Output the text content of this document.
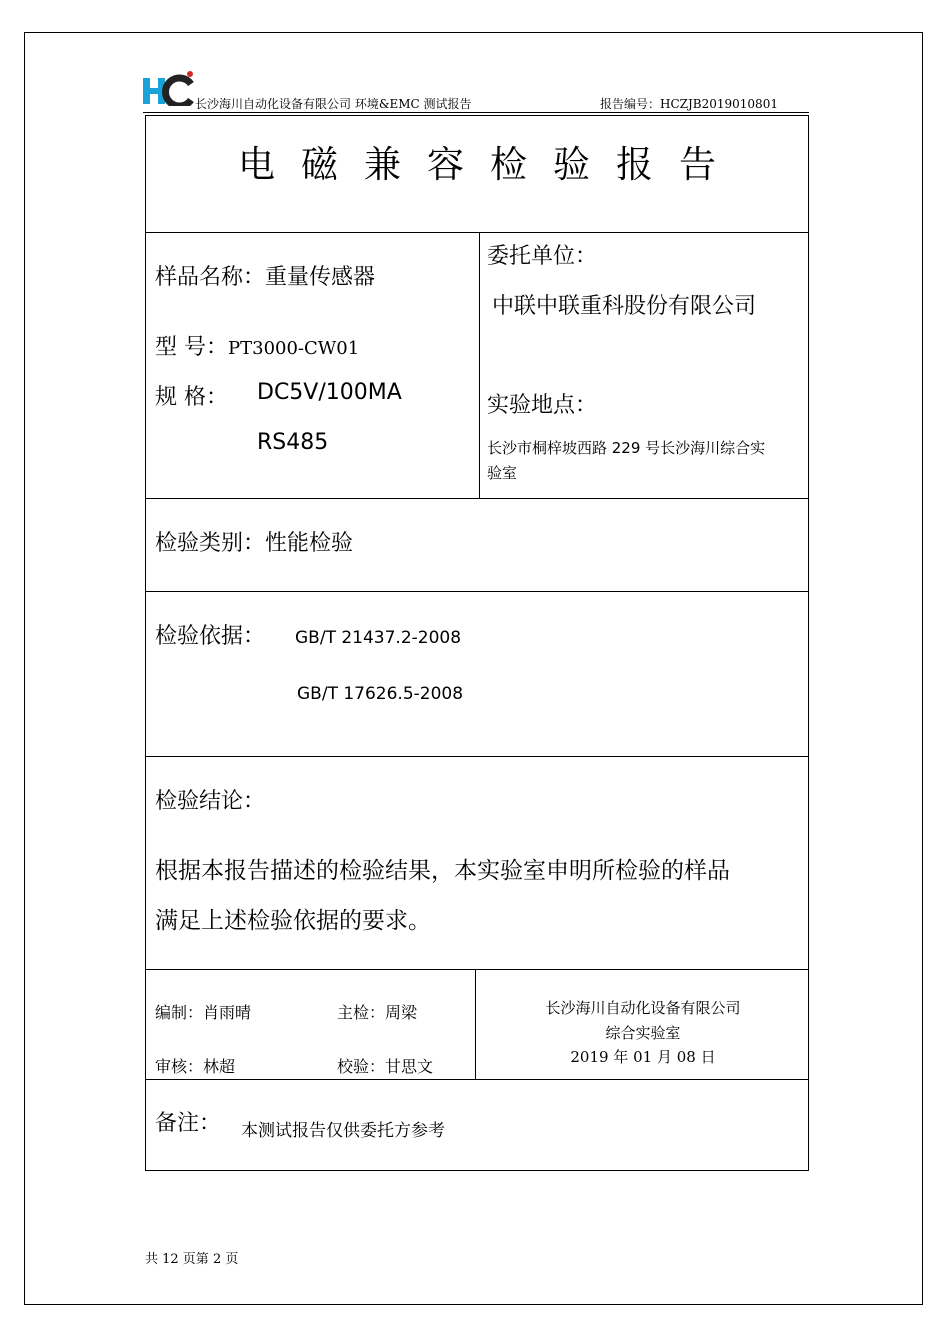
长沙海川自动化设备有限公司 环境&EMC 测试报告	报告编号：HCZJB2019010801
电磁兼容检验报告
样品名称：重量传感器
型 号：PT3000-CW01
规 格： DC5V/100MA
RS485
委托单位：
中联中联重科股份有限公司
实验地点：
长沙市桐梓坡西路 229 号长沙海川综合实
验室
检验类别：性能检验
检验依据： GB/T 21437.2-2008
GB/T 17626.5-2008
检验结论：
根据本报告描述的检验结果，本实验室申明所检验的样品
满足上述检验依据的要求。
编制：肖雨晴	主检：周梁
审核：林超	校验：甘思文
长沙海川自动化设备有限公司
综合实验室
2019 年 01 月 08 日
备注： 本测试报告仅供委托方参考
共 12 页第 2 页
